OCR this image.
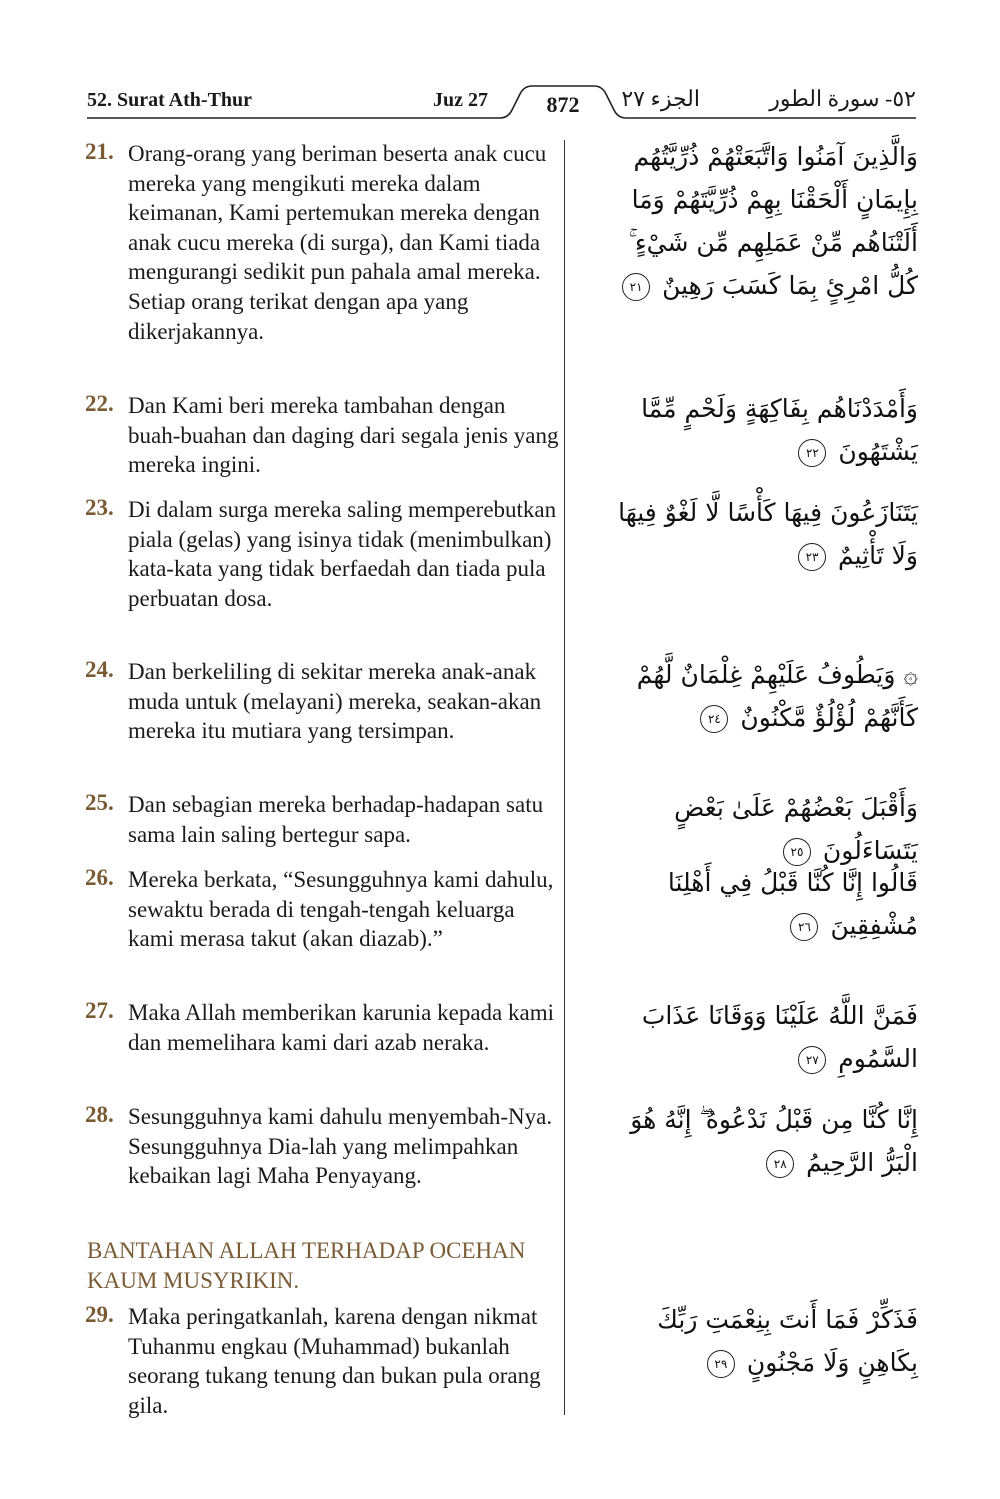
52. Surat Ath-Thur	Juz 27	872	الجزء ٢٧	٥٢- سورة الطور
21. Orang-orang yang beriman beserta anak cucu mereka yang mengikuti mereka dalam keimanan, Kami pertemukan mereka dengan anak cucu mereka (di surga), dan Kami tiada mengurangi sedikit pun pahala amal mereka. Setiap orang terikat dengan apa yang dikerjakannya.
وَالَّذِينَ آمَنُوا وَاتَّبَعَتْهُمْ ذُرِّيَّتُهُم بِإِيمَانٍ أَلْحَقْنَا بِهِمْ ذُرِّيَّتَهُمْ وَمَا أَلَتْنَاهُم مِّنْ عَمَلِهِم مِّن شَيْءٍ ۚ كُلُّ امْرِئٍ بِمَا كَسَبَ رَهِينٌ ٢١
22. Dan Kami beri mereka tambahan dengan buah-buahan dan daging dari segala jenis yang mereka ingini.
وَأَمْدَدْنَاهُم بِفَاكِهَةٍ وَلَحْمٍ مِّمَّا يَشْتَهُونَ ٢٢
23. Di dalam surga mereka saling memperebutkan piala (gelas) yang isinya tidak (menimbulkan) kata-kata yang tidak berfaedah dan tiada pula perbuatan dosa.
يَتَنَازَعُونَ فِيهَا كَأْسًا لَّا لَغْوٌ فِيهَا وَلَا تَأْثِيمٌ ٢٣
24. Dan berkeliling di sekitar mereka anak-anak muda untuk (melayani) mereka, seakan-akan mereka itu mutiara yang tersimpan.
۞ وَيَطُوفُ عَلَيْهِمْ غِلْمَانٌ لَّهُمْ كَأَنَّهُمْ لُؤْلُؤٌ مَّكْنُونٌ ٢٤
25. Dan sebagian mereka berhadap-hadapan satu sama lain saling bertegur sapa.
وَأَقْبَلَ بَعْضُهُمْ عَلَىٰ بَعْضٍ يَتَسَاءَلُونَ ٢٥
26. Mereka berkata, “Sesungguhnya kami dahulu, sewaktu berada di tengah-tengah keluarga kami merasa takut (akan diazab).”
قَالُوا إِنَّا كُنَّا قَبْلُ فِي أَهْلِنَا مُشْفِقِينَ ٢٦
27. Maka Allah memberikan karunia kepada kami dan memelihara kami dari azab neraka.
فَمَنَّ اللَّهُ عَلَيْنَا وَوَقَانَا عَذَابَ السَّمُومِ ٢٧
28. Sesungguhnya kami dahulu menyembah-Nya. Sesungguhnya Dia-lah yang melimpahkan kebaikan lagi Maha Penyayang.
إِنَّا كُنَّا مِن قَبْلُ نَدْعُوهُ ۖ إِنَّهُ هُوَ الْبَرُّ الرَّحِيمُ ٢٨
BANTAHAN ALLAH TERHADAP OCEHAN KAUM MUSYRIKIN.
29. Maka peringatkanlah, karena dengan nikmat Tuhanmu engkau (Muhammad) bukanlah seorang tukang tenung dan bukan pula orang gila.
فَذَكِّرْ فَمَا أَنتَ بِنِعْمَتِ رَبِّكَ بِكَاهِنٍ وَلَا مَجْنُونٍ ٢٩
